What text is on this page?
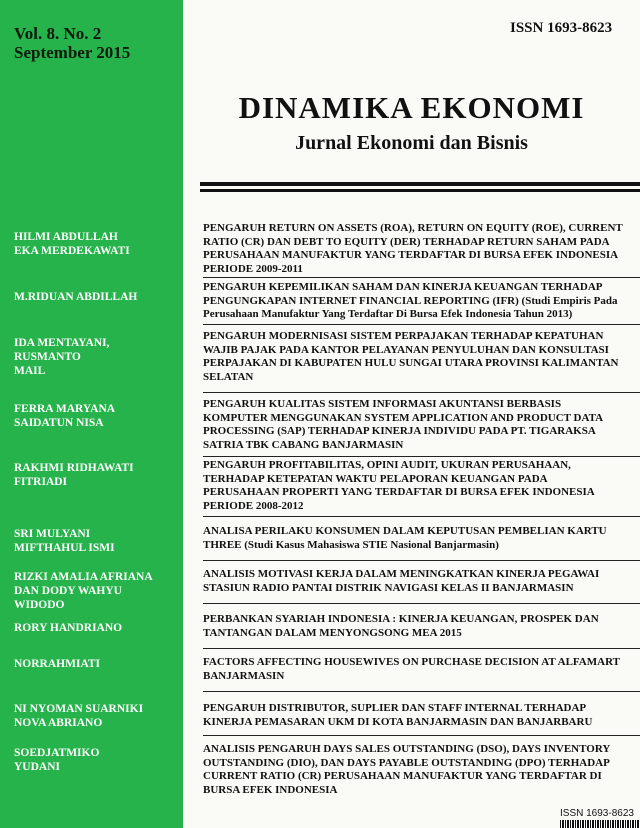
Vol. 8. No. 2
September 2015
ISSN 1693-8623
DINAMIKA EKONOMI
Jurnal Ekonomi dan Bisnis
HILMI ABDULLAH
EKA MERDEKAWATI
M.RIDUAN ABDILLAH
IDA MENTAYANI,
RUSMANTO
MAIL
FERRA MARYANA
SAIDATUN NISA
RAKHMI RIDHAWATI
FITRIADI
SRI MULYANI
MIFTHAHUL ISMI
RIZKI AMALIA AFRIANA
DAN DODY WAHYU
WIDODO
RORY HANDRIANO
NORRAHMIATI
NI NYOMAN SUARNIKI
NOVA ABRIANO
SOEDJATMIKO
YUDANI
PENGARUH RETURN ON ASSETS (ROA), RETURN ON EQUITY (ROE), CURRENT
RATIO (CR) DAN DEBT TO EQUITY (DER) TERHADAP RETURN SAHAM PADA
PERUSAHAAN MANUFAKTUR YANG TERDAFTAR DI BURSA EFEK INDONESIA
PERIODE 2009-2011
PENGARUH KEPEMILIKAN SAHAM DAN KINERJA KEUANGAN TERHADAP
PENGUNGKAPAN INTERNET FINANCIAL REPORTING (IFR) (Studi Empiris Pada
Perusahaan Manufaktur Yang Terdaftar Di Bursa Efek Indonesia Tahun 2013)
PENGARUH MODERNISASI SISTEM PERPAJAKAN TERHADAP KEPATUHAN
WAJIB PAJAK PADA KANTOR PELAYANAN PENYULUHAN DAN KONSULTASI
PERPAJAKAN DI KABUPATEN HULU SUNGAI UTARA PROVINSI KALIMANTAN
SELATAN
PENGARUH KUALITAS SISTEM INFORMASI AKUNTANSI BERBASIS
KOMPUTER MENGGUNAKAN SYSTEM APPLICATION AND PRODUCT DATA
PROCESSING (SAP) TERHADAP KINERJA INDIVIDU PADA PT. TIGARAKSA
SATRIA TBK CABANG BANJARMASIN
PENGARUH PROFITABILITAS, OPINI AUDIT, UKURAN PERUSAHAAN,
TERHADAP KETEPATAN WAKTU PELAPORAN KEUANGAN PADA
PERUSAHAAN PROPERTI YANG TERDAFTAR DI BURSA EFEK INDONESIA
PERIODE 2008-2012
ANALISA PERILAKU KONSUMEN DALAM KEPUTUSAN PEMBELIAN KARTU
THREE (Studi Kasus Mahasiswa STIE Nasional Banjarmasin)
ANALISIS MOTIVASI KERJA DALAM MENINGKATKAN KINERJA PEGAWAI
STASIUN RADIO PANTAI DISTRIK NAVIGASI KELAS II BANJARMASIN
PERBANKAN SYARIAH INDONESIA : KINERJA KEUANGAN, PROSPEK DAN
TANTANGAN DALAM MENYONGSONG MEA 2015
FACTORS AFFECTING HOUSEWIVES ON PURCHASE DECISION AT ALFAMART
BANJARMASIN
PENGARUH DISTRIBUTOR, SUPLIER DAN STAFF INTERNAL TERHADAP
KINERJA PEMASARAN UKM DI KOTA BANJARMASIN DAN BANJARBARU
ANALISIS PENGARUH DAYS SALES OUTSTANDING (DSO), DAYS INVENTORY
OUTSTANDING (DIO), DAN DAYS PAYABLE OUTSTANDING (DPO) TERHADAP
CURRENT RATIO (CR) PERUSAHAAN MANUFAKTUR YANG TERDAFTAR DI
BURSA EFEK INDONESIA
ISSN 1693-8623
